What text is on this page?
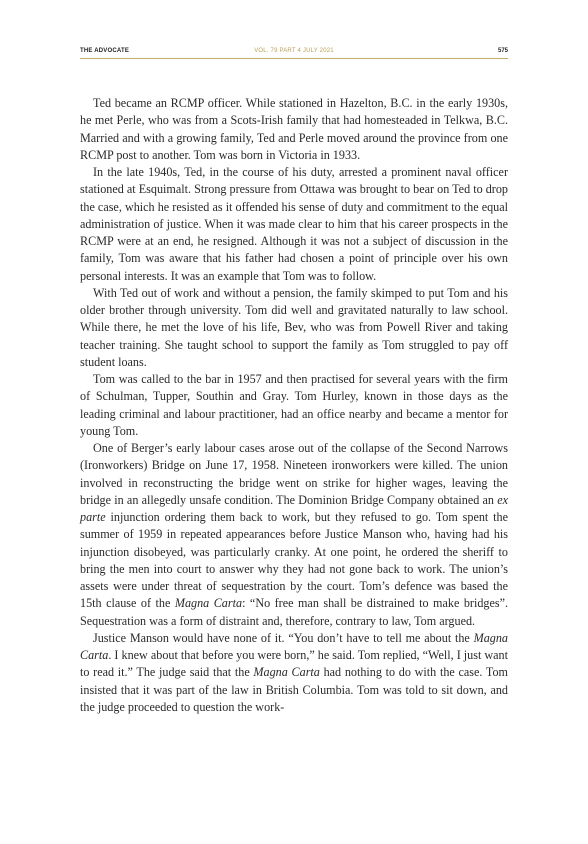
THE ADVOCATE	VOL. 79 PART 4 JULY 2021	575

Ted became an RCMP officer. While stationed in Hazelton, B.C. in the early 1930s, he met Perle, who was from a Scots-Irish family that had homesteaded in Telkwa, B.C. Married and with a growing family, Ted and Perle moved around the province from one RCMP post to another. Tom was born in Victoria in 1933.

In the late 1940s, Ted, in the course of his duty, arrested a prominent naval officer stationed at Esquimalt. Strong pressure from Ottawa was brought to bear on Ted to drop the case, which he resisted as it offended his sense of duty and commitment to the equal administration of justice. When it was made clear to him that his career prospects in the RCMP were at an end, he resigned. Although it was not a subject of discussion in the family, Tom was aware that his father had chosen a point of principle over his own personal interests. It was an example that Tom was to follow.

With Ted out of work and without a pension, the family skimped to put Tom and his older brother through university. Tom did well and gravitated naturally to law school. While there, he met the love of his life, Bev, who was from Powell River and taking teacher training. She taught school to support the family as Tom struggled to pay off student loans.

Tom was called to the bar in 1957 and then practised for several years with the firm of Schulman, Tupper, Southin and Gray. Tom Hurley, known in those days as the leading criminal and labour practitioner, had an office nearby and became a mentor for young Tom.

One of Berger’s early labour cases arose out of the collapse of the Second Narrows (Ironworkers) Bridge on June 17, 1958. Nineteen ironworkers were killed. The union involved in reconstructing the bridge went on strike for higher wages, leaving the bridge in an allegedly unsafe condition. The Dominion Bridge Company obtained an ex parte injunction ordering them back to work, but they refused to go. Tom spent the summer of 1959 in repeated appearances before Justice Manson who, having had his injunction disobeyed, was particularly cranky. At one point, he ordered the sheriff to bring the men into court to answer why they had not gone back to work. The union’s assets were under threat of sequestration by the court. Tom’s defence was based the 15th clause of the Magna Carta: “No free man shall be distrained to make bridges”. Sequestration was a form of distraint and, therefore, contrary to law, Tom argued.

Justice Manson would have none of it. “You don’t have to tell me about the Magna Carta. I knew about that before you were born,” he said. Tom replied, “Well, I just want to read it.” The judge said that the Magna Carta had nothing to do with the case. Tom insisted that it was part of the law in British Columbia. Tom was told to sit down, and the judge proceeded to question the work-
